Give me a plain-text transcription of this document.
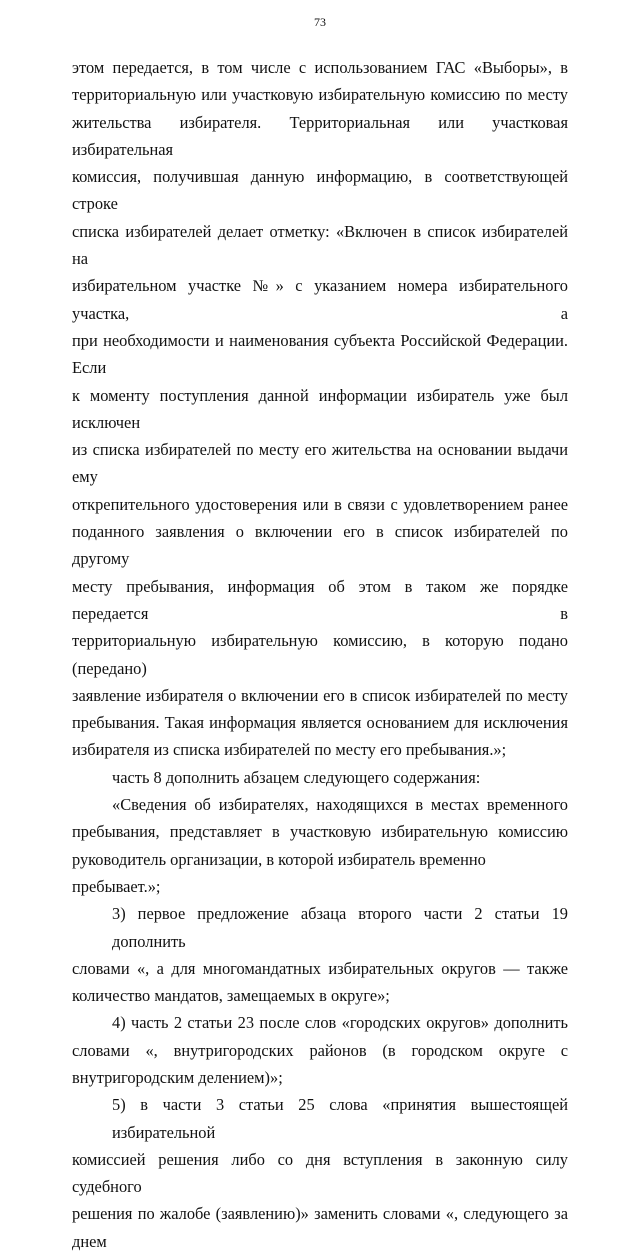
73
этом передается, в том числе с использованием ГАС «Выборы», в
территориальную или участковую избирательную комиссию по месту
жительства избирателя. Территориальная или участковая избирательная
комиссия, получившая данную информацию, в соответствующей строке
списка избирателей делает отметку: «Включен в список избирателей на
избирательном участке №» с указанием номера избирательного участка, а
при необходимости и наименования субъекта Российской Федерации. Если
к моменту поступления данной информации избиратель уже был исключен
из списка избирателей по месту его жительства на основании выдачи ему
открепительного удостоверения или в связи с удовлетворением ранее
поданного заявления о включении его в список избирателей по другому
месту пребывания, информация об этом в таком же порядке передается в
территориальную избирательную комиссию, в которую подано (передано)
заявление избирателя о включении его в список избирателей по месту
пребывания. Такая информация является основанием для исключения
избирателя из списка избирателей по месту его пребывания.»;
часть 8 дополнить абзацем следующего содержания:
«Сведения об избирателях, находящихся в местах временного
пребывания, представляет в участковую избирательную комиссию
руководитель организации, в которой избиратель временно пребывает.»;
3) первое предложение абзаца второго части 2 статьи 19 дополнить
словами «, а для многомандатных избирательных округов — также
количество мандатов, замещаемых в округе»;
4) часть 2 статьи 23 после слов «городских округов» дополнить
словами «, внутригородских районов (в городском округе с
внутригородским делением)»;
5) в части 3 статьи 25 слова «принятия вышестоящей избирательной
комиссией решения либо со дня вступления в законную силу судебного
решения по жалобе (заявлению)» заменить словами «, следующего за днем
